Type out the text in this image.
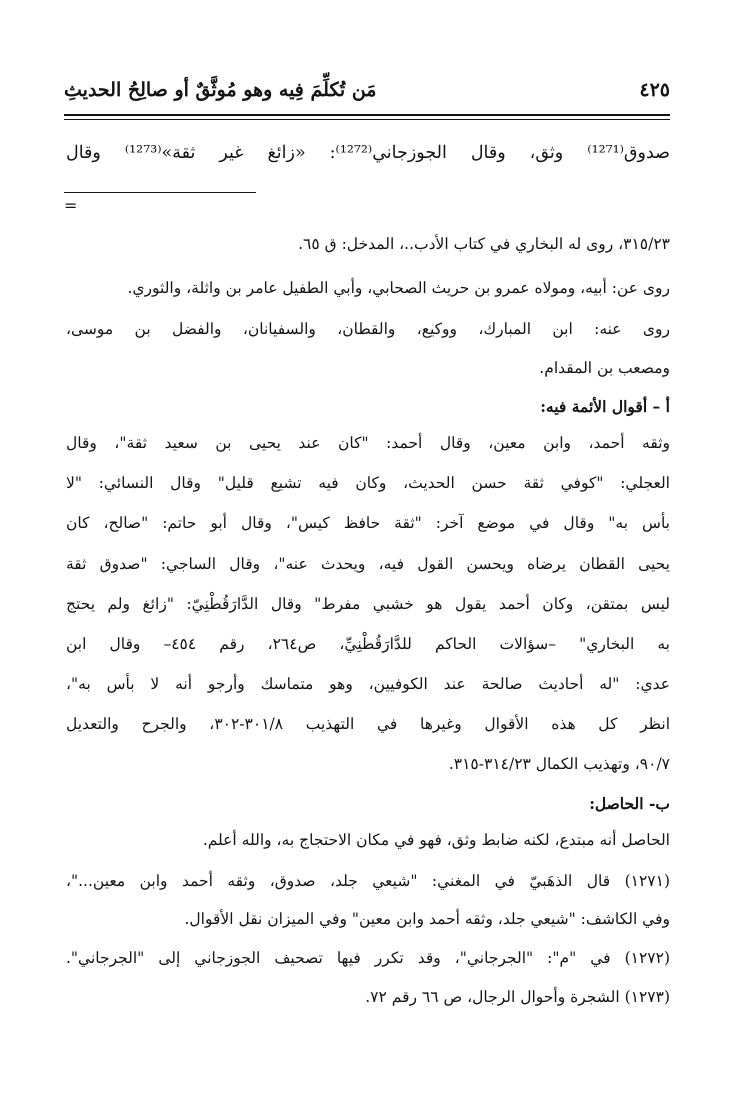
مَن تُكلِّمَ فِيه وهو مُوثَّقٌ أو صالِحُ الحديثِ	٤٢٥
صدوق⁽¹²⁷¹⁾ وثق، وقال الجوزجاني⁽¹²⁷²⁾: «زائغ غير ثقة»⁽¹²⁷³⁾ وقال
=
٣١٥/٢٣، روى له البخاري في كتاب الأدب..، المدخل: ق ٦٥.
روى عن: أبيه، ومولاه عمرو بن حريث الصحابي، وأبي الطفيل عامر بن واثلة، والثوري.
روى عنه: ابن المبارك، ووكيع، والقطان، والسفيانان، والفضل بن موسى،
ومصعب بن المقدام.
أ – أقوال الأئمة فيه:
وثقه أحمد، وابن معين، وقال أحمد: "كان عند يحيى بن سعيد ثقة"، وقال
العجلي: "كوفي ثقة حسن الحديث، وكان فيه تشيع قليل" وقال النسائي: "لا
بأس به" وقال في موضع آخر: "ثقة حافظ كيس"، وقال أبو حاتم: "صالح، كان
يحيى القطان يرضاه ويحسن القول فيه، ويحدث عنه"، وقال الساجي: "صدوق ثقة
ليس بمتقن، وكان أحمد يقول هو خشبي مفرط" وقال الدَّارَقُطْنِيّ: "زائغ ولم يحتج
به البخاري" –سؤالات الحاكم للدَّارَقُطْنِيِّ، ص٢٦٤، رقم ٤٥٤– وقال ابن
عدي: "له أحاديث صالحة عند الكوفيين، وهو متماسك وأرجو أنه لا بأس به"،
انظر كل هذه الأقوال وغيرها في التهذيب ٣٠١/٨-٣٠٢، والجرح والتعديل
٩٠/٧، وتهذيب الكمال ٣١٤/٢٣-٣١٥.
ب- الحاصل:
الحاصل أنه مبتدع، لكنه ضابط وثق، فهو في مكان الاحتجاج به، والله أعلم.
(١٢٧١) قال الذهَبيّ في المغني: "شيعي جلد، صدوق، وثقه أحمد وابن معين..."،
وفي الكاشف: "شيعي جلد، وثقه أحمد وابن معين" وفي الميزان نقل الأقوال.
(١٢٧٢) في "م": "الجرجاني"، وقد تكرر فيها تصحيف الجوزجاني إلى "الجرجاني".
(١٢٧٣) الشجرة وأحوال الرجال، ص ٦٦ رقم ٧٢.
